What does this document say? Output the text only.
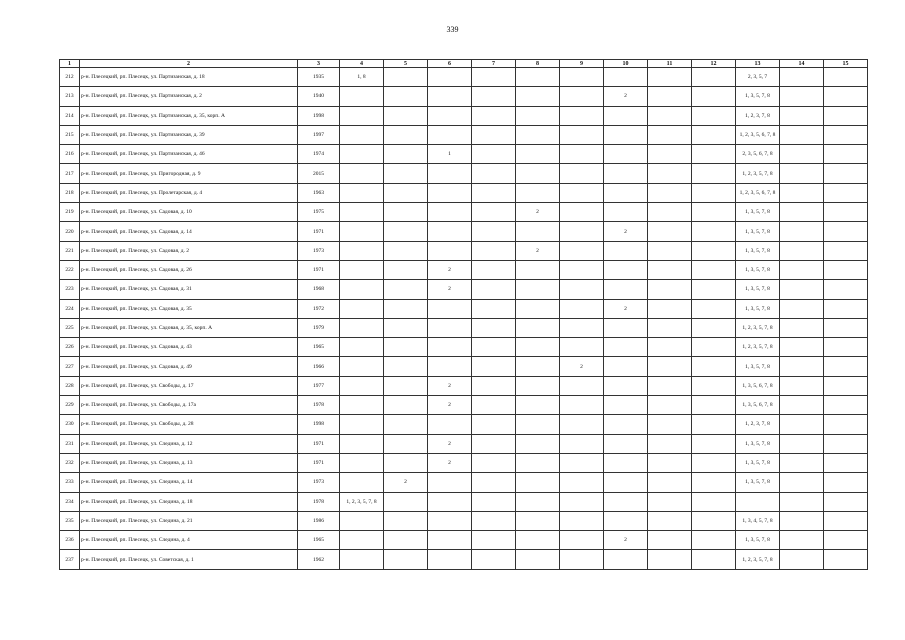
339
1	2	3	4	5	6	7	8	9	10	11	12	13	14	15
212	р-н. Плесецкий, рп. Плесецк, ул. Партизанская, д. 18	1935	1, 8									2, 3, 5, 7		
213	р-н. Плесецкий, рп. Плесецк, ул. Партизанская, д. 2	1940							2			1, 3, 5, 7, 8		
214	р-н. Плесецкий, рп. Плесецк, ул. Партизанская, д. 35, корп. А	1998										1, 2, 3, 7, 8		
215	р-н. Плесецкий, рп. Плесецк, ул. Партизанская, д. 39	1997										1, 2, 3, 5, 6, 7, 8		
216	р-н. Плесецкий, рп. Плесецк, ул. Партизанская, д. 46	1974			1							2, 3, 5, 6, 7, 8		
217	р-н. Плесецкий, рп. Плесецк, ул. Пригородная, д. 9	2015										1, 2, 3, 5, 7, 8		
218	р-н. Плесецкий, рп. Плесецк, ул. Пролетарская, д. 4	1963										1, 2, 3, 5, 6, 7, 8		
219	р-н. Плесецкий, рп. Плесецк, ул. Садовая, д. 10	1975					2					1, 3, 5, 7, 8		
220	р-н. Плесецкий, рп. Плесецк, ул. Садовая, д. 14	1971							2			1, 3, 5, 7, 8		
221	р-н. Плесецкий, рп. Плесецк, ул. Садовая, д. 2	1973					2					1, 3, 5, 7, 8		
222	р-н. Плесецкий, рп. Плесецк, ул. Садовая, д. 26	1971			2							1, 3, 5, 7, 8		
223	р-н. Плесецкий, рп. Плесецк, ул. Садовая, д. 31	1968			2							1, 3, 5, 7, 8		
224	р-н. Плесецкий, рп. Плесецк, ул. Садовая, д. 35	1972							2			1, 3, 5, 7, 8		
225	р-н. Плесецкий, рп. Плесецк, ул. Садовая, д. 35, корп. А	1979										1, 2, 3, 5, 7, 8		
226	р-н. Плесецкий, рп. Плесецк, ул. Садовая, д. 43	1965										1, 2, 3, 5, 7, 8		
227	р-н. Плесецкий, рп. Плесецк, ул. Садовая, д. 49	1966						2				1, 3, 5, 7, 8		
228	р-н. Плесецкий, рп. Плесецк, ул. Свободы, д. 17	1977			2							1, 3, 5, 6, 7, 8		
229	р-н. Плесецкий, рп. Плесецк, ул. Свободы, д. 17а	1978			2							1, 3, 5, 6, 7, 8		
230	р-н. Плесецкий, рп. Плесецк, ул. Свободы, д. 28	1998										1, 2, 3, 7, 8		
231	р-н. Плесецкий, рп. Плесецк, ул. Следина, д. 12	1971			2							1, 3, 5, 7, 8		
232	р-н. Плесецкий, рп. Плесецк, ул. Следина, д. 13	1971			2							1, 3, 5, 7, 8		
233	р-н. Плесецкий, рп. Плесецк, ул. Следина, д. 14	1973		2								1, 3, 5, 7, 8		
234	р-н. Плесецкий, рп. Плесецк, ул. Следина, д. 18	1978	1, 2, 3, 5, 7, 8											
235	р-н. Плесецкий, рп. Плесецк, ул. Следина, д. 21	1986										1, 3, 4, 5, 7, 8		
236	р-н. Плесецкий, рп. Плесецк, ул. Следина, д. 4	1965							2			1, 3, 5, 7, 8		
237	р-н. Плесецкий, рп. Плесецк, ул. Советская, д. 1	1962										1, 2, 3, 5, 7, 8		
